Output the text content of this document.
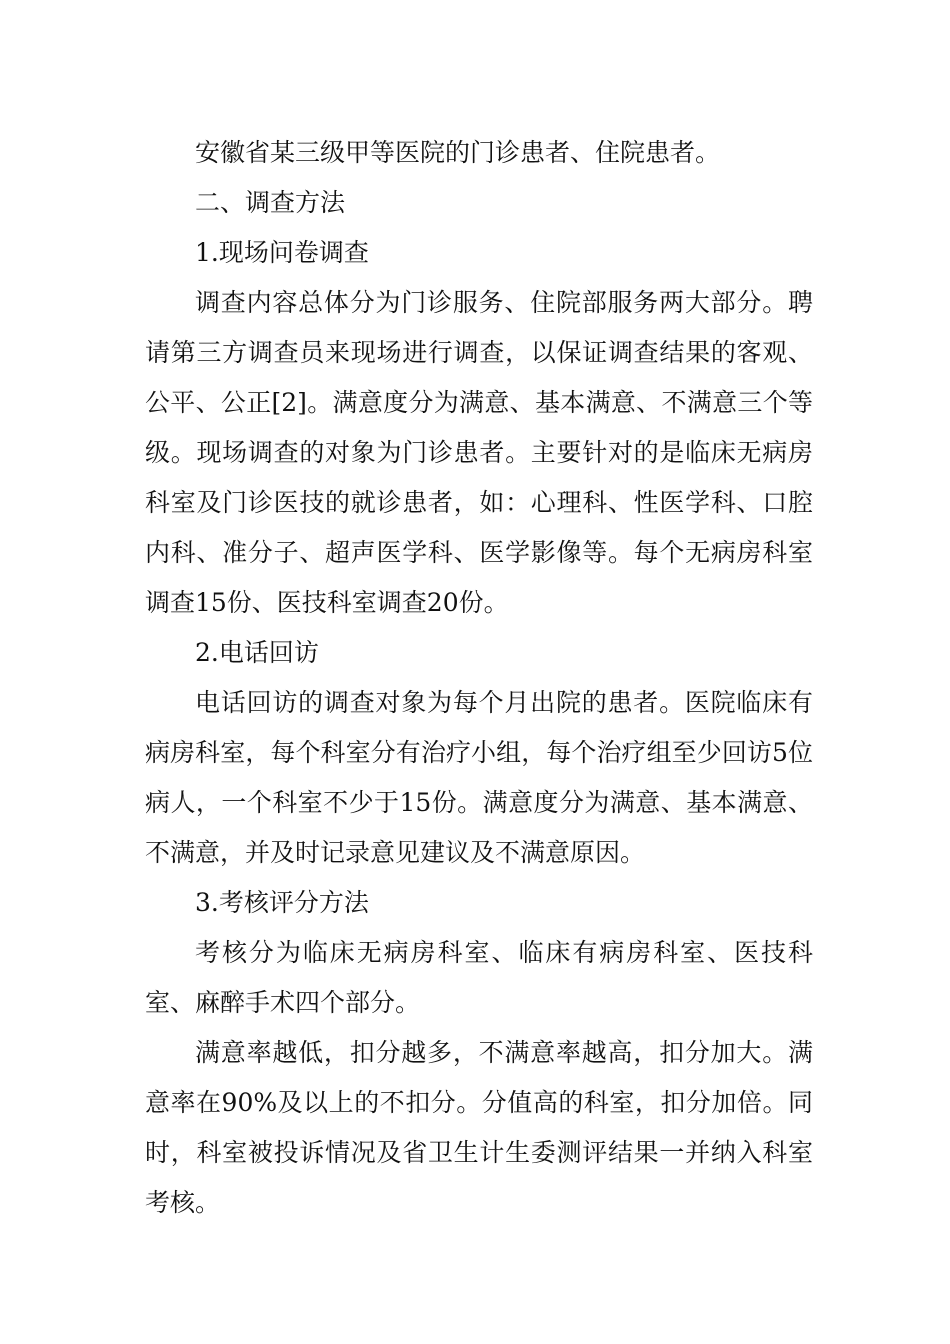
安徽省某三级甲等医院的门诊患者、住院患者。

二、调查方法

1.现场问卷调查

调查内容总体分为门诊服务、住院部服务两大部分。聘请第三方调查员来现场进行调查，以保证调查结果的客观、公平、公正[2]。满意度分为满意、基本满意、不满意三个等级。现场调查的对象为门诊患者。主要针对的是临床无病房科室及门诊医技的就诊患者，如：心理科、性医学科、口腔内科、准分子、超声医学科、医学影像等。每个无病房科室调查15份、医技科室调查20份。

2.电话回访

电话回访的调查对象为每个月出院的患者。医院临床有病房科室，每个科室分有治疗小组，每个治疗组至少回访5位病人，一个科室不少于15份。满意度分为满意、基本满意、不满意，并及时记录意见建议及不满意原因。

3.考核评分方法

考核分为临床无病房科室、临床有病房科室、医技科室、麻醉手术四个部分。

满意率越低，扣分越多，不满意率越高，扣分加大。满意率在90%及以上的不扣分。分值高的科室，扣分加倍。同时，科室被投诉情况及省卫生计生委测评结果一并纳入科室考核。
